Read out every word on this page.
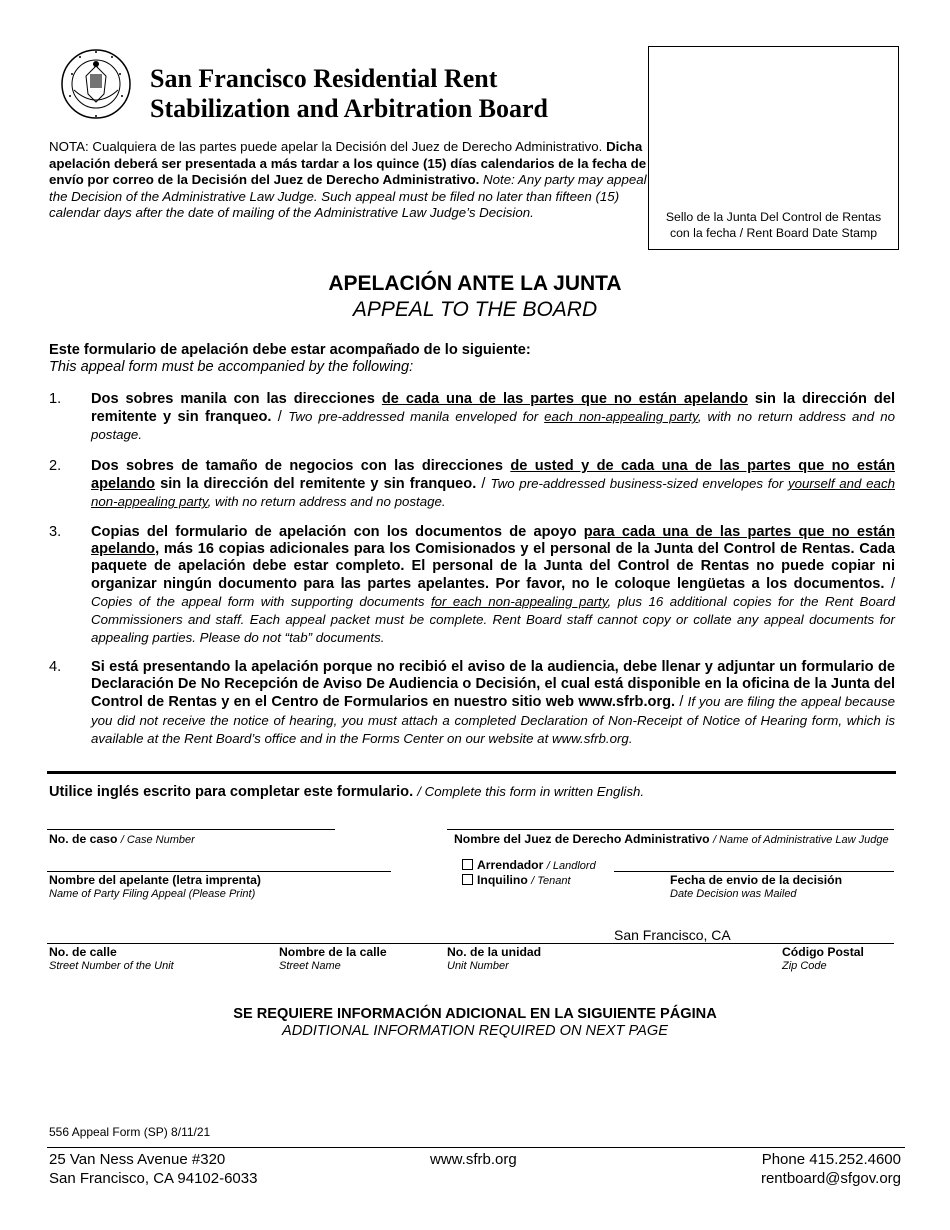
San Francisco Residential Rent
Stabilization and Arbitration Board
NOTA: Cualquiera de las partes puede apelar la Decisión del Juez de Derecho Administrativo. Dicha apelación deberá ser presentada a más tardar a los quince (15) días calendarios de la fecha de envío por correo de la Decisión del Juez de Derecho Administrativo. Note: Any party may appeal the Decision of the Administrative Law Judge. Such appeal must be filed no later than fifteen (15) calendar days after the date of mailing of the Administrative Law Judge’s Decision.	Sello de la Junta Del Control de Rentas
con la fecha / Rent Board Date Stamp
APELACIÓN ANTE LA JUNTA
APPEAL TO THE BOARD
Este formulario de apelación debe estar acompañado de lo siguiente:
This appeal form must be accompanied by the following:
1. Dos sobres manila con las direcciones de cada una de las partes que no están apelando sin la dirección del remitente y sin franqueo. / Two pre-addressed manila enveloped for each non-appealing party, with no return address and no postage.
2. Dos sobres de tamaño de negocios con las direcciones de usted y de cada una de las partes que no están apelando sin la dirección del remitente y sin franqueo. / Two pre-addressed business-sized envelopes for yourself and each non-appealing party, with no return address and no postage.
3. Copias del formulario de apelación con los documentos de apoyo para cada una de las partes que no están apelando, más 16 copias adicionales para los Comisionados y el personal de la Junta del Control de Rentas. Cada paquete de apelación debe estar completo. El personal de la Junta del Control de Rentas no puede copiar ni organizar ningún documento para las partes apelantes. Por favor, no le coloque lengüetas a los documentos. / Copies of the appeal form with supporting documents for each non-appealing party, plus 16 additional copies for the Rent Board Commissioners and staff. Each appeal packet must be complete. Rent Board staff cannot copy or collate any appeal documents for appealing parties. Please do not “tab” documents.
4. Si está presentando la apelación porque no recibió el aviso de la audiencia, debe llenar y adjuntar un formulario de Declaración De No Recepción de Aviso De Audiencia o Decisión, el cual está disponible en la oficina de la Junta del Control de Rentas y en el Centro de Formularios en nuestro sitio web www.sfrb.org. / If you are filing the appeal because you did not receive the notice of hearing, you must attach a completed Declaration of Non-Receipt of Notice of Hearing form, which is available at the Rent Board’s office and in the Forms Center on our website at www.sfrb.org.
Utilice inglés escrito para completar este formulario. / Complete this form in written English.
No. de caso / Case Number	Nombre del Juez de Derecho Administrativo / Name of Administrative Law Judge
Nombre del apelante (letra imprenta)
Name of Party Filing Appeal (Please Print)
Arrendador / Landlord
Inquilino / Tenant	Fecha de envio de la decisión
Date Decision was Mailed
San Francisco, CA
No. de calle
Street Number of the Unit
Nombre de la calle
Street Name
No. de la unidad
Unit Number
Código Postal
Zip Code
SE REQUIERE INFORMACIÓN ADICIONAL EN LA SIGUIENTE PÁGINA
ADDITIONAL INFORMATION REQUIRED ON NEXT PAGE
556 Appeal Form (SP) 8/11/21
25 Van Ness Avenue #320
San Francisco, CA 94102-6033
www.sfrb.org	Phone 415.252.4600
rentboard@sfgov.org
